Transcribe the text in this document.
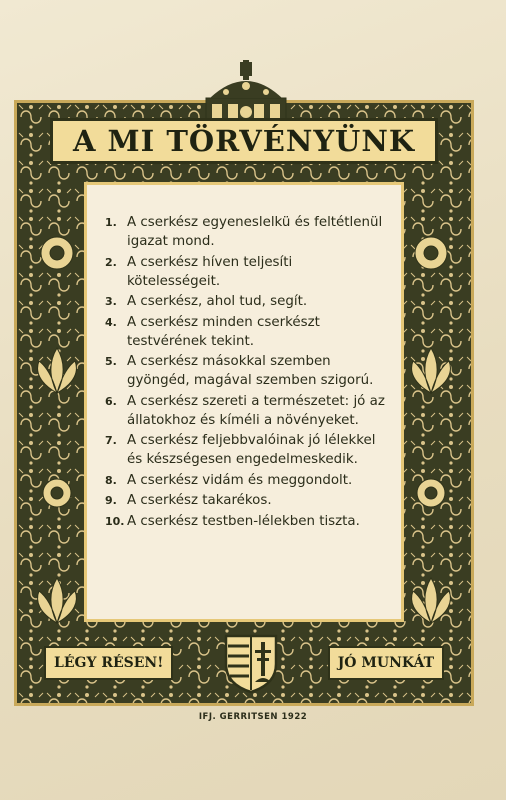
A MI TÖRVÉNYÜNK
1. A cserkész egyeneslelkü és feltétlenül igazat mond.
2. A cserkész híven teljesíti kötelességeit.
3. A cserkész, ahol tud, segít.
4. A cserkész minden cserkészt testvérének tekint.
5. A cserkész másokkal szemben gyöngéd, magával szemben szigorú.
6. A cserkész szereti a természetet: jó az állatokhoz és kíméli a növényeket.
7. A cserkész feljebbvalóinak jó lélekkel és készségesen engedelmeskedik.
8. A cserkész vidám és meggondolt.
9. A cserkész takarékos.
10. A cserkész testben-lélekben tiszta.
LÉGY RÉSEN!	JÓ MUNKÁT
IFJ. GERRITSEN 1922
